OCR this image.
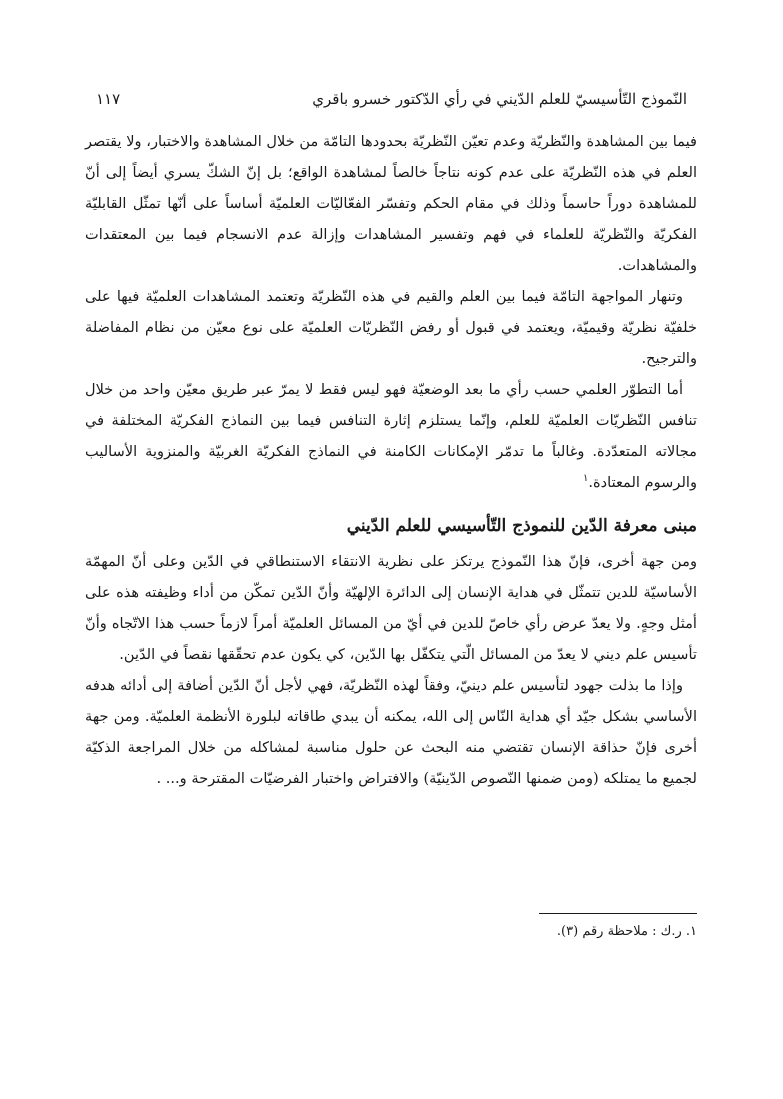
النّموذج التّأسيسيّ للعلم الدّيني في رأي الدّكتور خسرو باقري
١١٧

فيما بين المشاهدة والنّظريّة وعدم تعيّن النّظريّة بحدودها التامّة من خلال المشاهدة والاختبار، ولا يقتصر العلم في هذه النّظريّة على عدم كونه نتاجاً خالصاً لمشاهدة الواقع؛ بل إنّ الشكّ يسري أيضاً إلى أنّ للمشاهدة دوراً حاسماً وذلك في مقام الحكم وتفسّر الفعّاليّات العلميّة أساساً على أنّها تمثّل القابليّة الفكريّة والنّظريّة للعلماء في فهم وتفسير المشاهدات وإزالة عدم الانسجام فيما بين المعتقدات والمشاهدات.

وتنهار المواجهة التامّة فيما بين العلم والقيم في هذه النّظريّة وتعتمد المشاهدات العلميّة فيها على خلفيّة نظريّة وقيميّة، ويعتمد في قبول أو رفض النّظريّات العلميّة على نوع معيّن من نظام المفاضلة والترجيح.

أما التطوّر العلمي حسب رأي ما بعد الوضعيّة فهو ليس فقط لا يمرّ عبر طريق معيّن واحد من خلال تنافس النّظريّات العلميّة للعلم، وإنّما يستلزم إثارة التنافس فيما بين النماذج الفكريّة المختلفة في مجالاته المتعدّدة. وغالباً ما تدمّر الإمكانات الكامنة في النماذج الفكريّة الغربيّة والمنزوية الأساليب والرسوم المعتادة.$^١$

مبنى معرفة الدّين للنموذج التّأسيسي للعلم الدّيني

ومن جهة أخرى، فإنّ هذا النّموذج يرتكز على نظرية الانتقاء الاستنطاقي في الدّين وعلى أنّ المهمّة الأساسيّة للدين تتمثّل في هداية الإنسان إلى الدائرة الإلهيّة وأنّ الدّين تمكّن من أداء وظيفته هذه على أمثل وجهٍ. ولا يعدّ عرض رأي خاصّ للدين في أيّ من المسائل العلميّة أمراً لازماً حسب هذا الاتّجاه وأنّ تأسيس علم ديني لا يعدّ من المسائل الّتي يتكفّل بها الدّين، كي يكون عدم تحقّقها نقصاً في الدّين.

وإذا ما بذلت جهود لتأسيس علم دينيّ، وفقاً لهذه النّظريّة، فهي لأجل أنّ الدّين أضافة إلى أدائه هدفه الأساسي بشكل جيّد أي هداية النّاس إلى الله، يمكنه أن يبدي طاقاته لبلورة الأنظمة العلميّة. ومن جهة أخرى فإنّ حذاقة الإنسان تقتضي منه البحث عن حلول مناسبة لمشاكله من خلال المراجعة الذكيّة لجميع ما يمتلكه (ومن ضمنها النّصوص الدّينيّة) والافتراض واختبار الفرضيّات المقترحة و... .

١. ر.ك : ملاحظة رقم (٣).
